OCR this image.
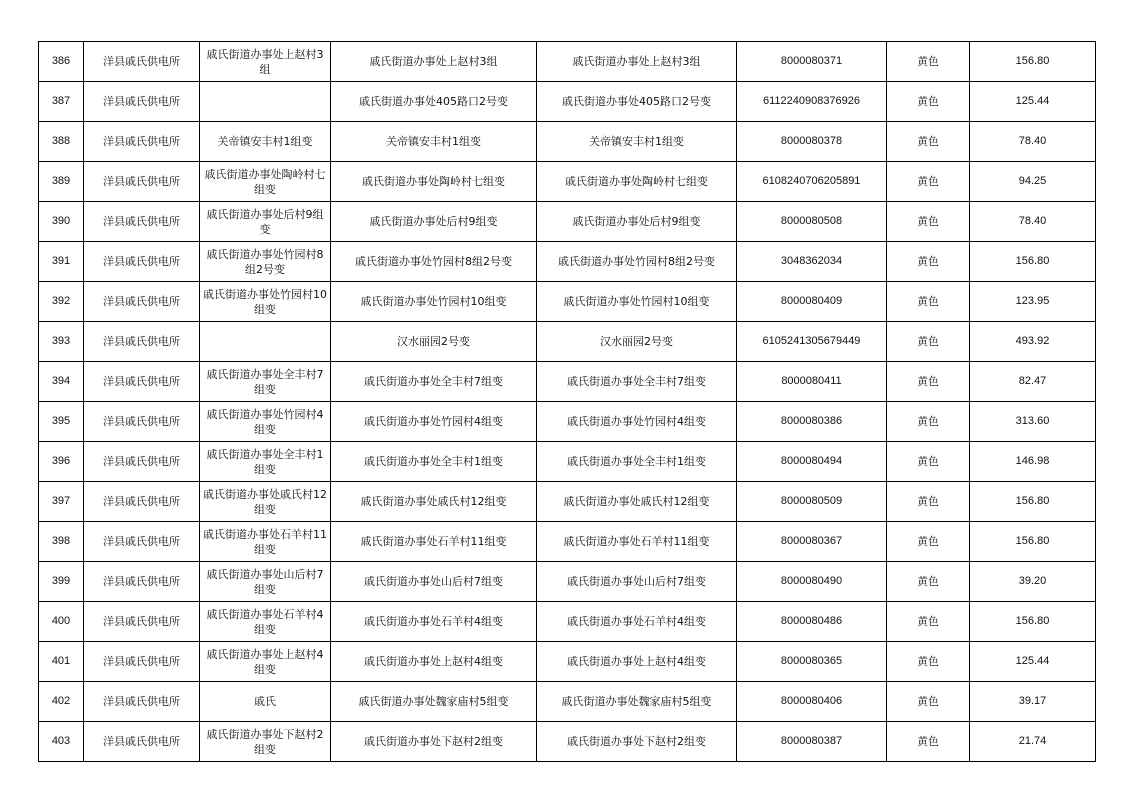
386	洋县戚氏供电所	戚氏街道办事处上赵村3组	戚氏街道办事处上赵村3组	戚氏街道办事处上赵村3组	8000080371	黄色	156.80
387	洋县戚氏供电所		戚氏街道办事处405路口2号变	戚氏街道办事处405路口2号变	6112240908376926	黄色	125.44
388	洋县戚氏供电所	关帝镇安丰村1组变	关帝镇安丰村1组变	关帝镇安丰村1组变	8000080378	黄色	78.40
389	洋县戚氏供电所	戚氏街道办事处陶岭村七组变	戚氏街道办事处陶岭村七组变	戚氏街道办事处陶岭村七组变	6108240706205891	黄色	94.25
390	洋县戚氏供电所	戚氏街道办事处后村9组变	戚氏街道办事处后村9组变	戚氏街道办事处后村9组变	8000080508	黄色	78.40
391	洋县戚氏供电所	戚氏街道办事处竹园村8组2号变	戚氏街道办事处竹园村8组2号变	戚氏街道办事处竹园村8组2号变	3048362034	黄色	156.80
392	洋县戚氏供电所	戚氏街道办事处竹园村10组变	戚氏街道办事处竹园村10组变	戚氏街道办事处竹园村10组变	8000080409	黄色	123.95
393	洋县戚氏供电所		汉水丽园2号变	汉水丽园2号变	6105241305679449	黄色	493.92
394	洋县戚氏供电所	戚氏街道办事处全丰村7组变	戚氏街道办事处全丰村7组变	戚氏街道办事处全丰村7组变	8000080411	黄色	82.47
395	洋县戚氏供电所	戚氏街道办事处竹园村4组变	戚氏街道办事处竹园村4组变	戚氏街道办事处竹园村4组变	8000080386	黄色	313.60
396	洋县戚氏供电所	戚氏街道办事处全丰村1组变	戚氏街道办事处全丰村1组变	戚氏街道办事处全丰村1组变	8000080494	黄色	146.98
397	洋县戚氏供电所	戚氏街道办事处戚氏村12组变	戚氏街道办事处戚氏村12组变	戚氏街道办事处戚氏村12组变	8000080509	黄色	156.80
398	洋县戚氏供电所	戚氏街道办事处石羊村11组变	戚氏街道办事处石羊村11组变	戚氏街道办事处石羊村11组变	8000080367	黄色	156.80
399	洋县戚氏供电所	戚氏街道办事处山后村7组变	戚氏街道办事处山后村7组变	戚氏街道办事处山后村7组变	8000080490	黄色	39.20
400	洋县戚氏供电所	戚氏街道办事处石羊村4组变	戚氏街道办事处石羊村4组变	戚氏街道办事处石羊村4组变	8000080486	黄色	156.80
401	洋县戚氏供电所	戚氏街道办事处上赵村4组变	戚氏街道办事处上赵村4组变	戚氏街道办事处上赵村4组变	8000080365	黄色	125.44
402	洋县戚氏供电所	戚氏	戚氏街道办事处魏家庙村5组变	戚氏街道办事处魏家庙村5组变	8000080406	黄色	39.17
403	洋县戚氏供电所	戚氏街道办事处下赵村2组变	戚氏街道办事处下赵村2组变	戚氏街道办事处下赵村2组变	8000080387	黄色	21.74
